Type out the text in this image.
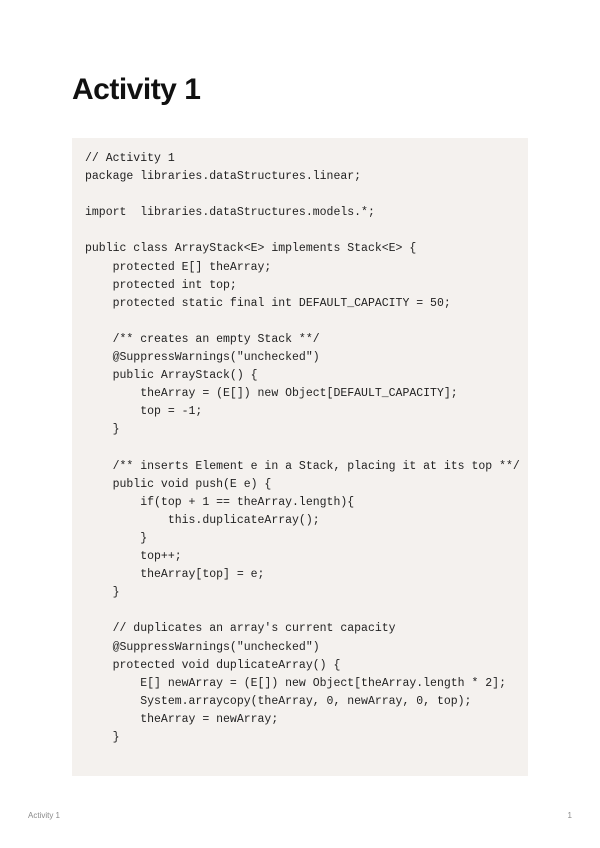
Activity 1
// Activity 1
package libraries.dataStructures.linear;
import  libraries.dataStructures.models.*;
public class ArrayStack<E> implements Stack<E> {
protected E[] theArray;
protected int top;
protected static final int DEFAULT_CAPACITY = 50;
/** creates an empty Stack **/
@SuppressWarnings("unchecked")
public ArrayStack() {
theArray = (E[]) new Object[DEFAULT_CAPACITY];
top = -1;
}
/** inserts Element e in a Stack, placing it at its top **/
public void push(E e) {
if(top + 1 == theArray.length){
this.duplicateArray();
}
top++;
theArray[top] = e;
}
// duplicates an array's current capacity
@SuppressWarnings("unchecked")
protected void duplicateArray() {
E[] newArray = (E[]) new Object[theArray.length * 2];
System.arraycopy(theArray, 0, newArray, 0, top);
theArray = newArray;
}
Activity 1	1
